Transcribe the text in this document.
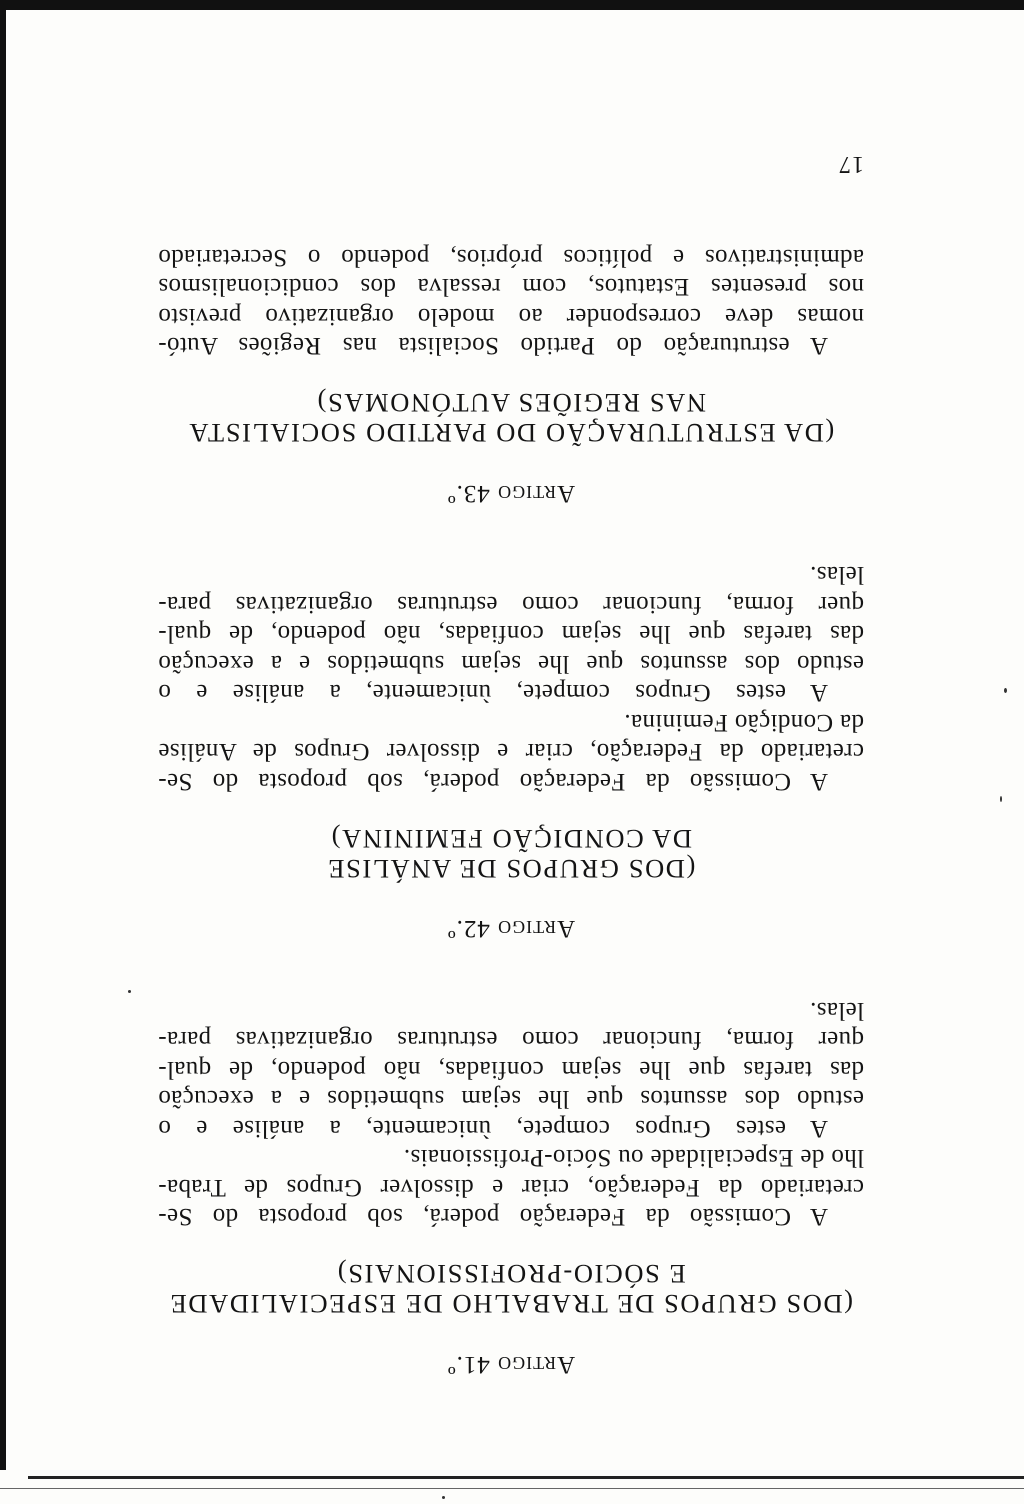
Artigo 41.º
(DOS GRUPOS DE TRABALHO DE ESPECIALIDADE
E SÓCIO-PROFISSIONAIS)

A Comissão da Federação poderá, sob proposta do Se-
cretariado da Federação, criar e dissolver Grupos de Traba-
lho de Especialidade ou Sócio-Profissionais.

A estes Grupos compete, ùnicamente, a análise e o
estudo dos assuntos que lhe sejam submetidos e a execução
das tarefas que lhe sejam confiadas, não podendo, de qual-
quer forma, funcionar como estruturas organizativas para-
lelas.

Artigo 42.º
(DOS GRUPOS DE ANÁLISE
DA CONDIÇÃO FEMININA)

A Comissão da Federação poderá, sob proposta do Se-
cretariado da Federação, criar e dissolver Grupos de Análise
da Condição Feminina.

A estes Grupos compete, ùnicamente, a análise e o
estudo dos assuntos que lhe sejam submetidos e a execução
das tarefas que lhe sejam confiadas, não podendo, de qual-
quer forma, funcionar como estruturas organizativas para-
lelas.

Artigo 43.º
(DA ESTRUTURAÇÃO DO PARTIDO SOCIALISTA
NAS REGIÕES AUTÓNOMAS)

A estruturação do Partido Socialista nas Regiões Autó-
nomas deve corresponder ao modelo organizativo previsto
nos presentes Estatutos, com ressalva dos condicionalismos
administrativos e políticos próprios, podendo o Secretariado

17
